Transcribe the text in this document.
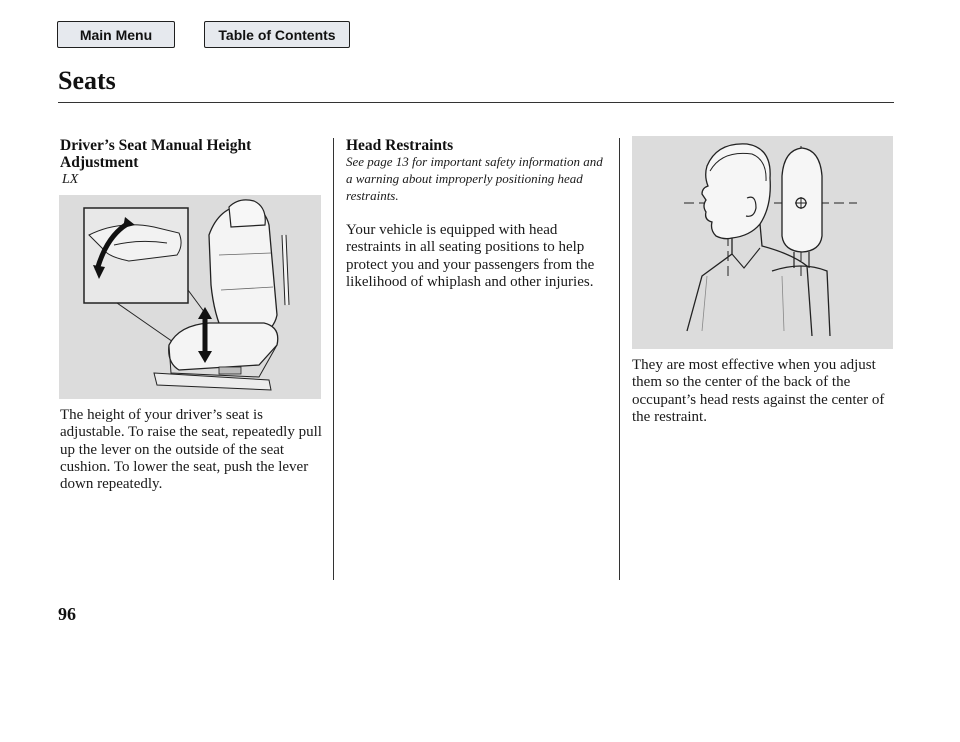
Main Menu	Table of Contents
Seats
Driver’s Seat Manual Height Adjustment
LX

The height of your driver’s seat is adjustable. To raise the seat, repeatedly pull up the lever on the outside of the seat cushion. To lower the seat, push the lever down repeatedly.

Head Restraints
See page 13 for important safety information and a warning about improperly positioning head restraints.

Your vehicle is equipped with head restraints in all seating positions to help protect you and your passengers from the likelihood of whiplash and other injuries.

They are most effective when you adjust them so the center of the back of the occupant’s head rests against the center of the restraint.

96
